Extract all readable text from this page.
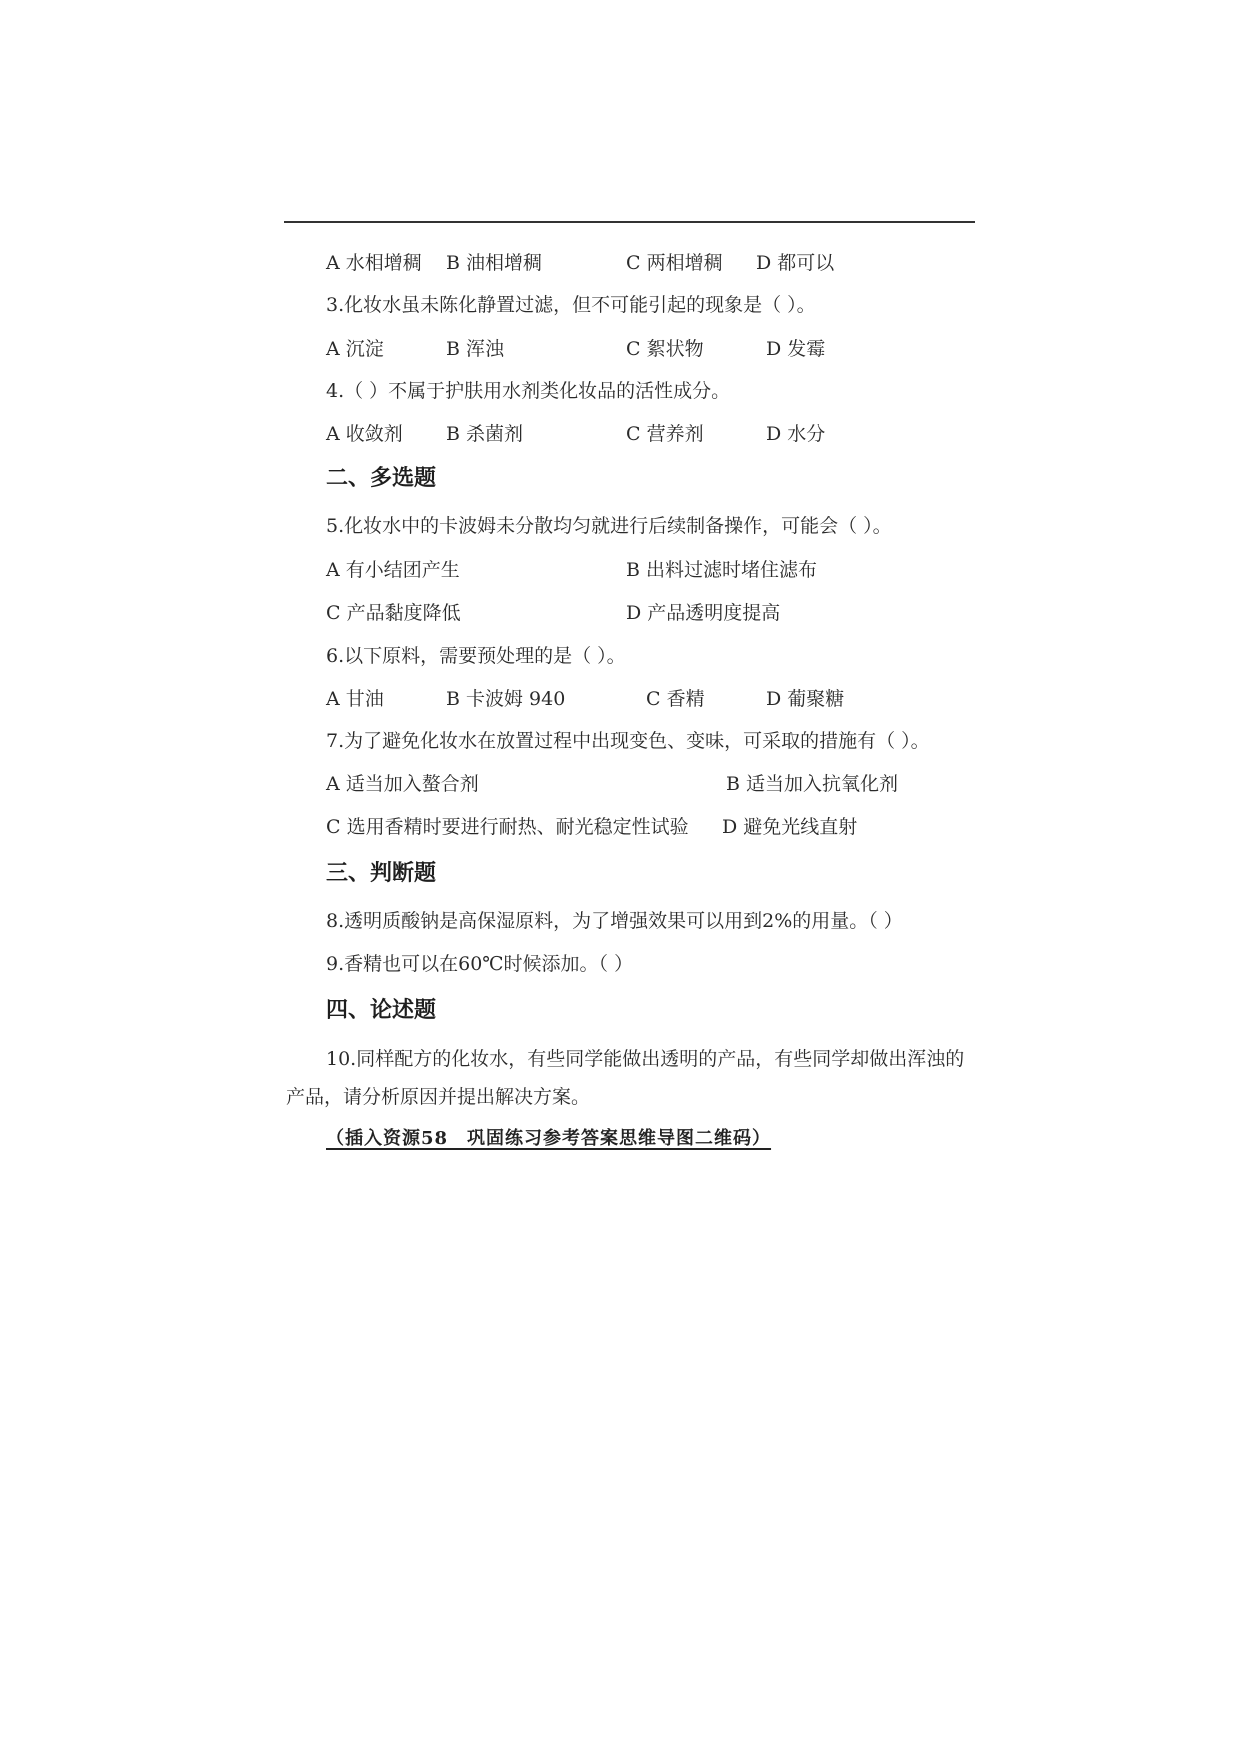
A 水相增稠 B 油相增稠	C 两相增稠 D 都可以
3.化妆水虽未陈化静置过滤，但不可能引起的现象是（ ）。
A 沉淀	B 浑浊	C 絮状物	D 发霉
4.（ ）不属于护肤用水剂类化妆品的活性成分。
A 收敛剂 B 杀菌剂	C 营养剂	D 水分
二、多选题
5.化妆水中的卡波姆未分散均匀就进行后续制备操作，可能会（ ）。
A 有小结团产生	B 出料过滤时堵住滤布
C 产品黏度降低	D 产品透明度提高
6.以下原料，需要预处理的是（ ）。
A 甘油	B 卡波姆 940	C 香精	D 葡聚糖
7.为了避免化妆水在放置过程中出现变色、变味，可采取的措施有（ ）。
A 适当加入螯合剂	B 适当加入抗氧化剂
C 选用香精时要进行耐热、耐光稳定性试验 D 避免光线直射
三、判断题
8.透明质酸钠是高保湿原料，为了增强效果可以用到2%的用量。（ ）
9.香精也可以在60℃时候添加。（ ）
四、论述题
10.同样配方的化妆水，有些同学能做出透明的产品，有些同学却做出浑浊的产品，请分析原因并提出解决方案。
（插入资源58　巩固练习参考答案思维导图二维码）
